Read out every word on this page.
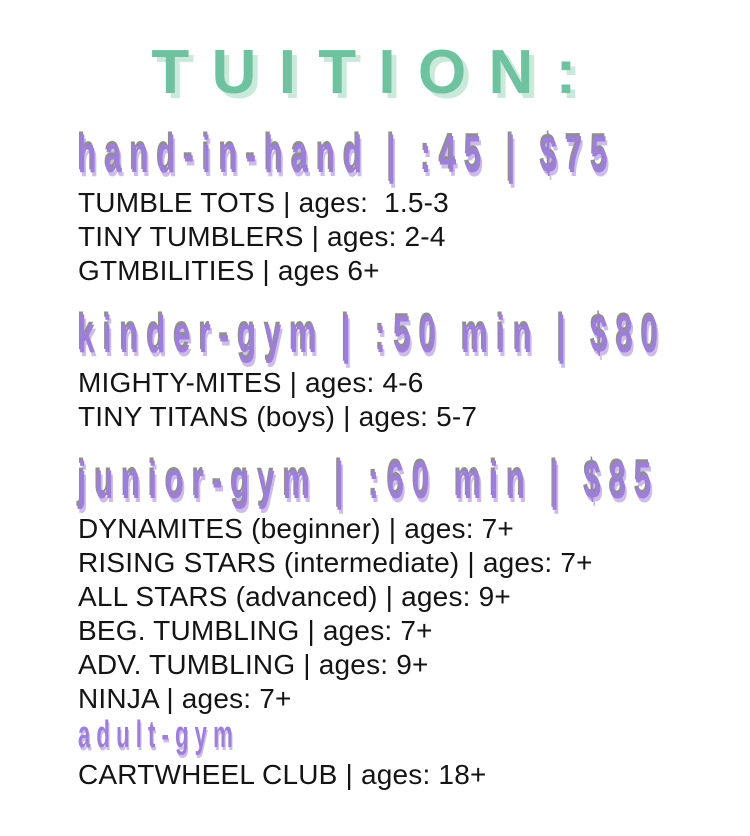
TUITION:
hand-in-hand | :45 | $75
TUMBLE TOTS | ages:  1.5-3
TINY TUMBLERS | ages: 2-4
GTMBILITIES | ages 6+
kinder-gym | :50 min | $80
MIGHTY-MITES | ages: 4-6
TINY TITANS (boys) | ages: 5-7
junior-gym | :60 min | $85
DYNAMITES (beginner) | ages: 7+
RISING STARS (intermediate) | ages: 7+
ALL STARS (advanced) | ages: 9+
BEG. TUMBLING | ages: 7+
ADV. TUMBLING | ages: 9+
NINJA | ages: 7+
adult-gym
CARTWHEEL CLUB | ages: 18+
